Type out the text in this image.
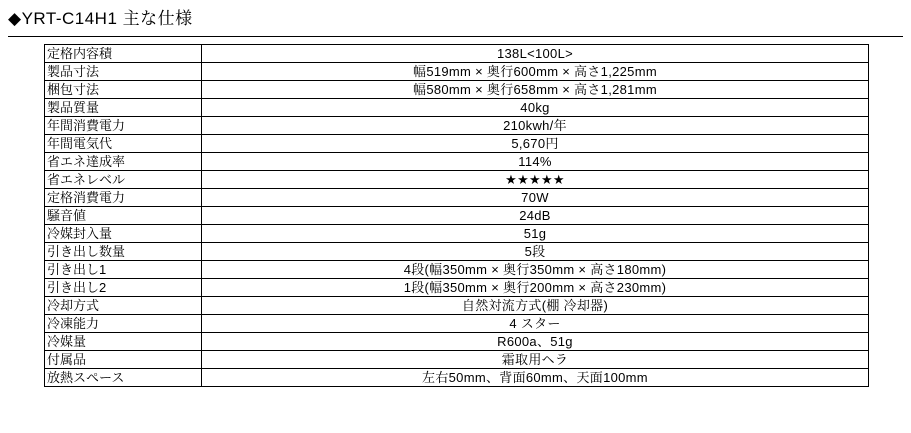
◆YRT-C14H1 主な仕様
定格内容積	138L<100L>
製品寸法	幅519mm × 奥行600mm × 高さ1,225mm
梱包寸法	幅580mm × 奥行658mm × 高さ1,281mm
製品質量	40kg
年間消費電力	210kwh/年
年間電気代	5,670円
省エネ達成率	114%
省エネレベル	★★★★★
定格消費電力	70W
騒音値	24dB
冷媒封入量	51g
引き出し数量	5段
引き出し1	4段(幅350mm × 奥行350mm × 高さ180mm)
引き出し2	1段(幅350mm × 奥行200mm × 高さ230mm)
冷却方式	自然対流方式(棚 冷却器)
冷凍能力	4 スター
冷媒量	R600a、51g
付属品	霜取用ヘラ
放熱スペース	左右50mm、背面60mm、天面100mm
